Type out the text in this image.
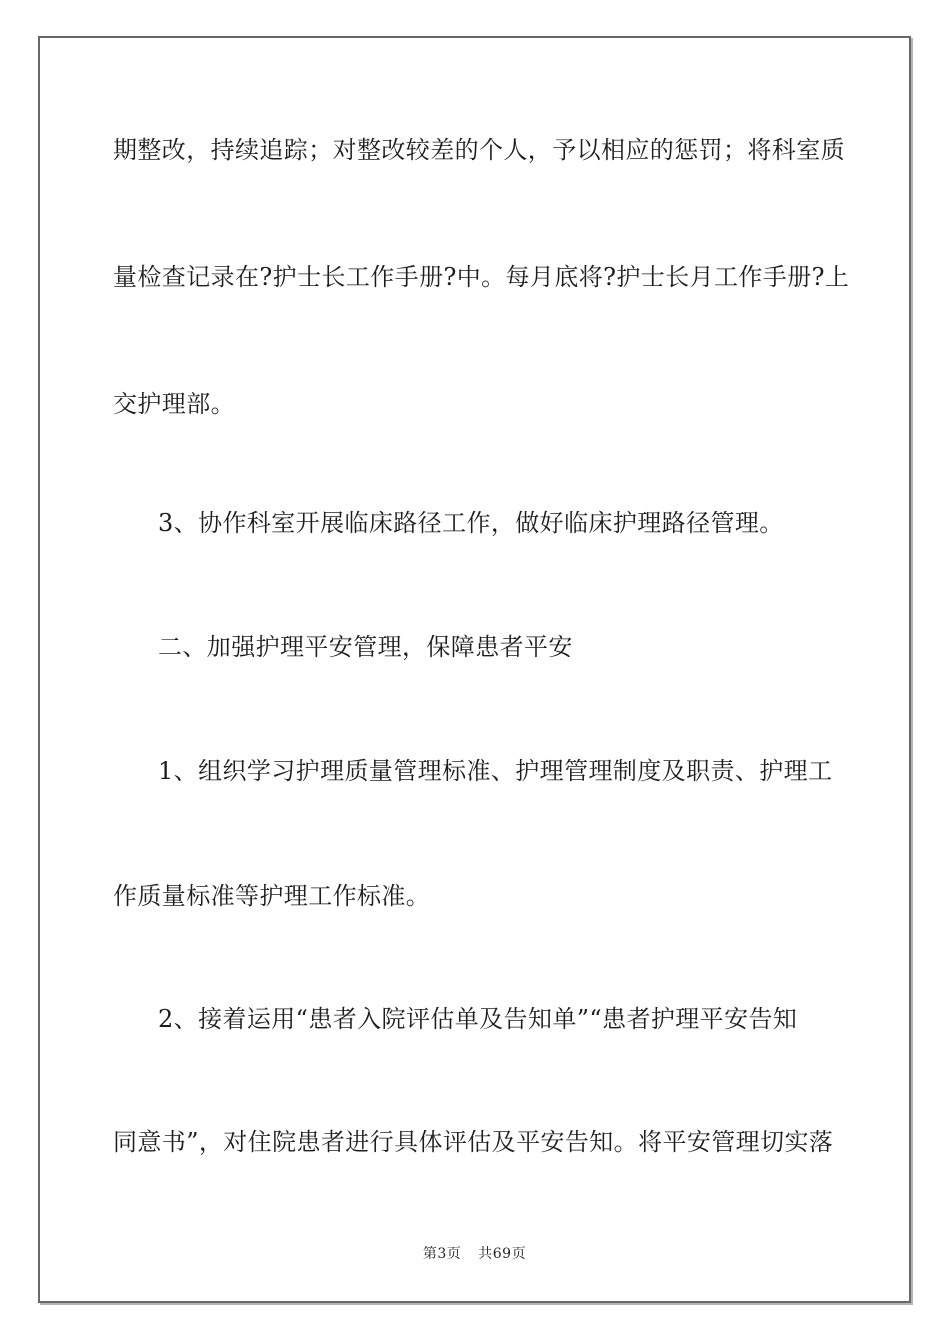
期整改，持续追踪；对整改较差的个人，予以相应的惩罚；将科室质
量检查记录在?护士长工作手册?中。每月底将?护士长月工作手册?上
交护理部。
3、协作科室开展临床路径工作，做好临床护理路径管理。
二、加强护理平安管理，保障患者平安
1、组织学习护理质量管理标准、护理管理制度及职责、护理工
作质量标准等护理工作标准。
2、接着运用“患者入院评估单及告知单”“患者护理平安告知
同意书”，对住院患者进行具体评估及平安告知。将平安管理切实落
第3页 共69页
